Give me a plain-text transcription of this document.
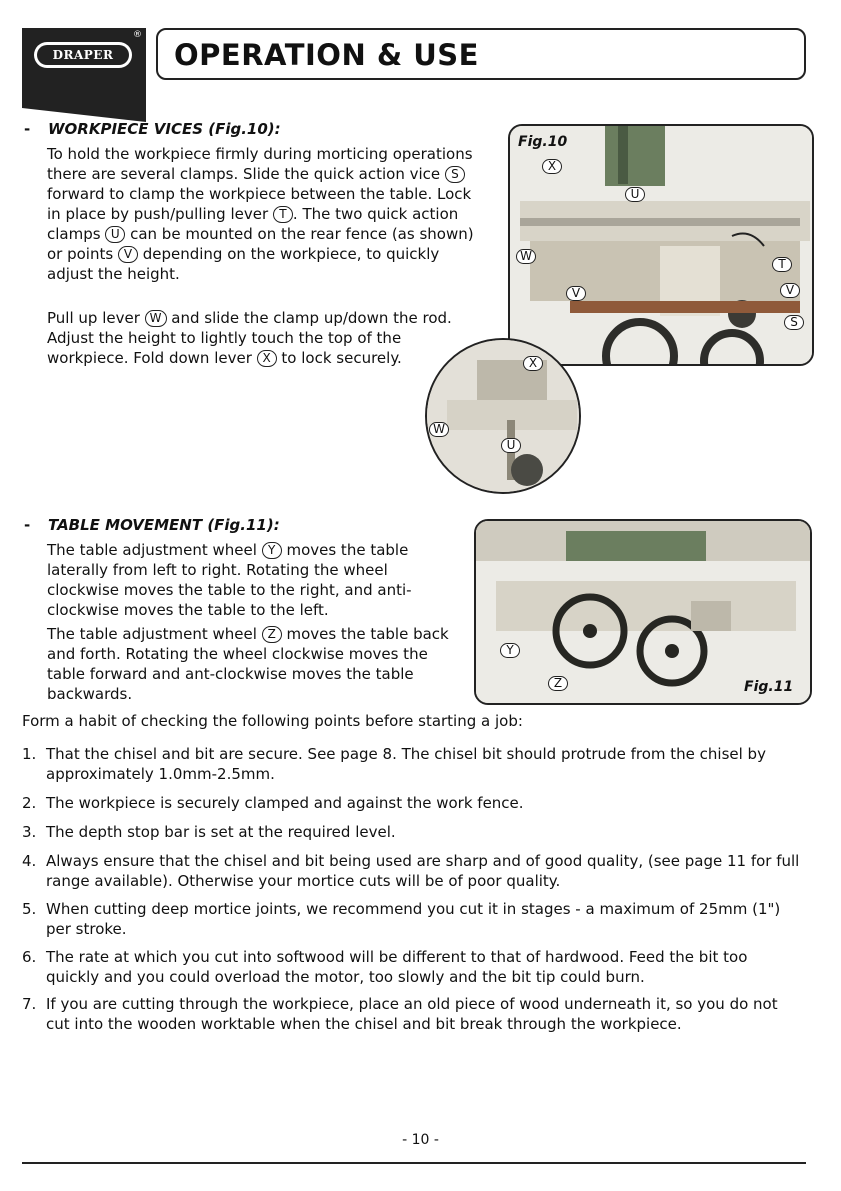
DRAPER
®
OPERATION & USE
- WORKPIECE VICES (Fig.10):
To hold the workpiece firmly during morticing operations there are several clamps. Slide the quick action vice S forward to clamp the workpiece between the table. Lock in place by push/pulling lever T . The two quick action clamps U can be mounted on the rear fence (as shown) or points V depending on the workpiece, to quickly adjust the height.
Pull up lever W and slide the clamp up/down the rod. Adjust the height to lightly touch the top of the workpiece. Fold down lever X to lock securely.
Fig.10
X
U
W
T
V	V
S
X
W
U
- TABLE MOVEMENT (Fig.11):
The table adjustment wheel Y moves the table laterally from left to right. Rotating the wheel clockwise moves the table to the right, and anti-clockwise moves the table to the left.
The table adjustment wheel Z moves the table back and forth. Rotating the wheel clockwise moves the table forward and ant-clockwise moves the table backwards.
Y
Z	Fig.11
Form a habit of checking the following points before starting a job:
1. That the chisel and bit are secure. See page 8. The chisel bit should protrude from the chisel by approximately 1.0mm-2.5mm.
2. The workpiece is securely clamped and against the work fence.
3. The depth stop bar is set at the required level.
4. Always ensure that the chisel and bit being used are sharp and of good quality, (see page 11 for full range available). Otherwise your mortice cuts will be of poor quality.
5. When cutting deep mortice joints, we recommend you cut it in stages - a maximum of 25mm (1") per stroke.
6. The rate at which you cut into softwood will be different to that of hardwood. Feed the bit too quickly and you could overload the motor, too slowly and the bit tip could burn.
7. If you are cutting through the workpiece, place an old piece of wood underneath it, so you do not cut into the wooden worktable when the chisel and bit break through the workpiece.
- 10 -
